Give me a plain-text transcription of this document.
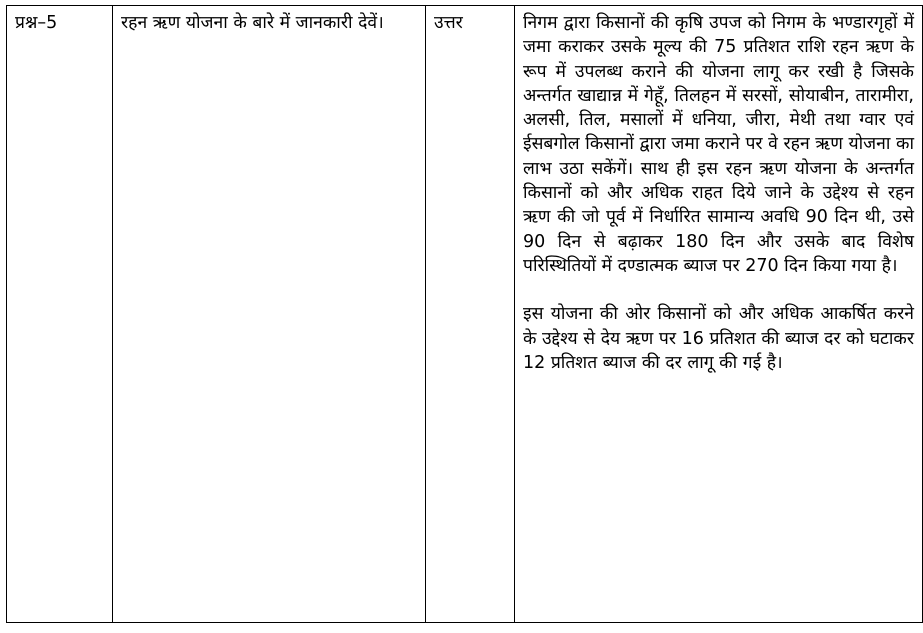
प्रश्न–5	रहन ऋण योजना के बारे में जानकारी देवें।	उत्तर	निगम द्वारा किसानों की कृषि उपज को निगम के भण्डारगृहों में जमा कराकर उसके मूल्य की 75 प्रतिशत राशि रहन ऋण के रूप में उपलब्ध कराने की योजना लागू कर रखी है जिसके अन्तर्गत खाद्यान्न में गेहूँ, तिलहन में सरसों, सोयाबीन, तारामीरा, अलसी, तिल, मसालों में धनिया, जीरा, मेथी तथा ग्वार एवं ईसबगोल किसानों द्वारा जमा कराने पर वे रहन ऋण योजना का लाभ उठा सकेंगें। साथ ही इस रहन ऋण योजना के अन्तर्गत किसानों को और अधिक राहत दिये जाने के उद्देश्य से रहन ऋण की जो पूर्व में निर्धारित सामान्य अवधि 90 दिन थी, उसे 90 दिन से बढ़ाकर 180 दिन और उसके बाद विशेष परिस्थितियों में दण्डात्मक ब्याज पर 270 दिन किया गया है।

इस योजना की ओर किसानों को और अधिक आकर्षित करने के उद्देश्य से देय ऋण पर 16 प्रतिशत की ब्याज दर को घटाकर 12 प्रतिशत ब्याज की दर लागू की गई है।
